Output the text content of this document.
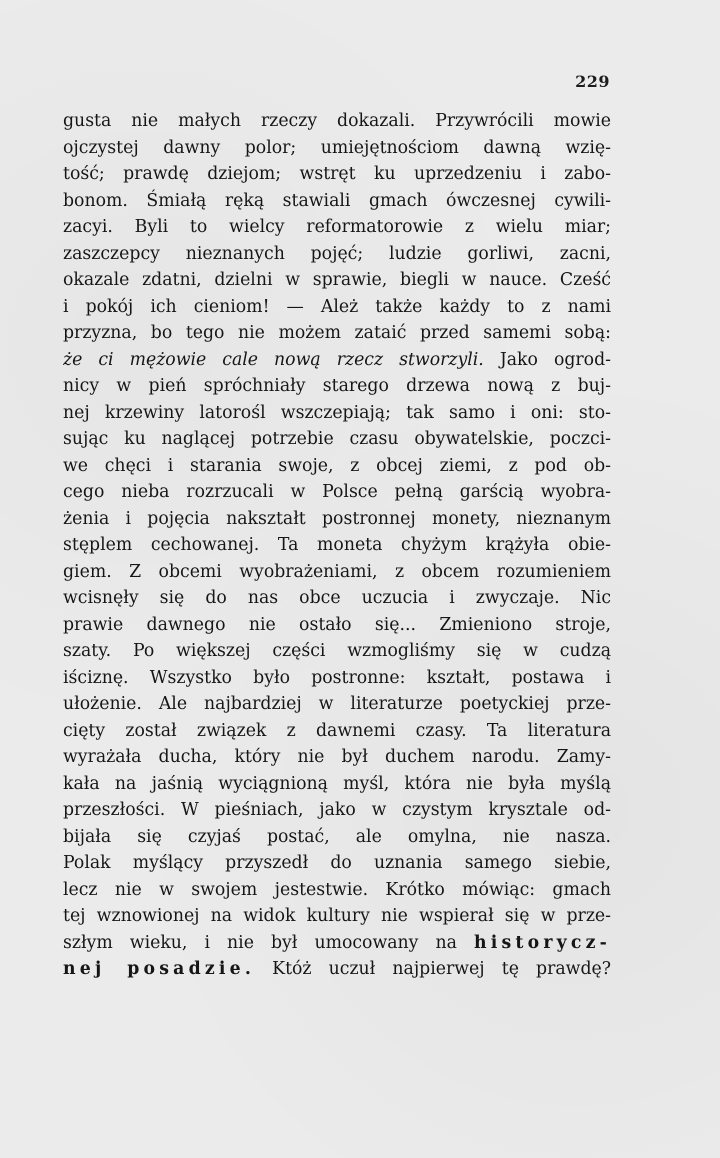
229
gusta nie małych rzeczy dokazali. Przywrócili mowie
ojczystej dawny polor; umiejętnościom dawną wzię-
tość; prawdę dziejom; wstręt ku uprzedzeniu i zabo-
bonom. Śmiałą ręką stawiali gmach ówczesnej cywili-
zacyi. Byli to wielcy reformatorowie z wielu miar;
zaszczepcy nieznanych pojęć; ludzie gorliwi, zacni,
okazale zdatni, dzielni w sprawie, biegli w nauce. Cześć
i pokój ich cieniom! — Ależ także każdy to z nami
przyzna, bo tego nie możem zataić przed samemi sobą:
że ci mężowie cale nową rzecz stworzyli. Jako ogrod-
nicy w pień spróchniały starego drzewa nową z buj-
nej krzewiny latorośl wszczepiają; tak samo i oni: sto-
sując ku naglącej potrzebie czasu obywatelskie, poczci-
we chęci i starania swoje, z obcej ziemi, z pod ob-
cego nieba rozrzucali w Polsce pełną garścią wyobra-
żenia i pojęcia nakształt postronnej monety, nieznanym
stęplem cechowanej. Ta moneta chyżym krążyła obie-
giem. Z obcemi wyobrażeniami, z obcem rozumieniem
wcisnęły się do nas obce uczucia i zwyczaje. Nic
prawie dawnego nie ostało się... Zmieniono stroje,
szaty. Po większej części wzmogliśmy się w cudzą
iściznę. Wszystko było postronne: kształt, postawa i
ułożenie. Ale najbardziej w literaturze poetyckiej prze-
cięty został związek z dawnemi czasy. Ta literatura
wyrażała ducha, który nie był duchem narodu. Zamy-
kała na jaśnią wyciągnioną myśl, która nie była myślą
przeszłości. W pieśniach, jako w czystym krysztale od-
bijała się czyjaś postać, ale omylna, nie nasza.
Polak myślący przyszedł do uznania samego siebie,
lecz nie w swojem jestestwie. Krótko mówiąc: gmach
tej wznowionej na widok kultury nie wspierał się w prze-
szłym wieku, i nie był umocowany na historycz-
nej posadzie. Któż uczuł najpierwej tę prawdę?
